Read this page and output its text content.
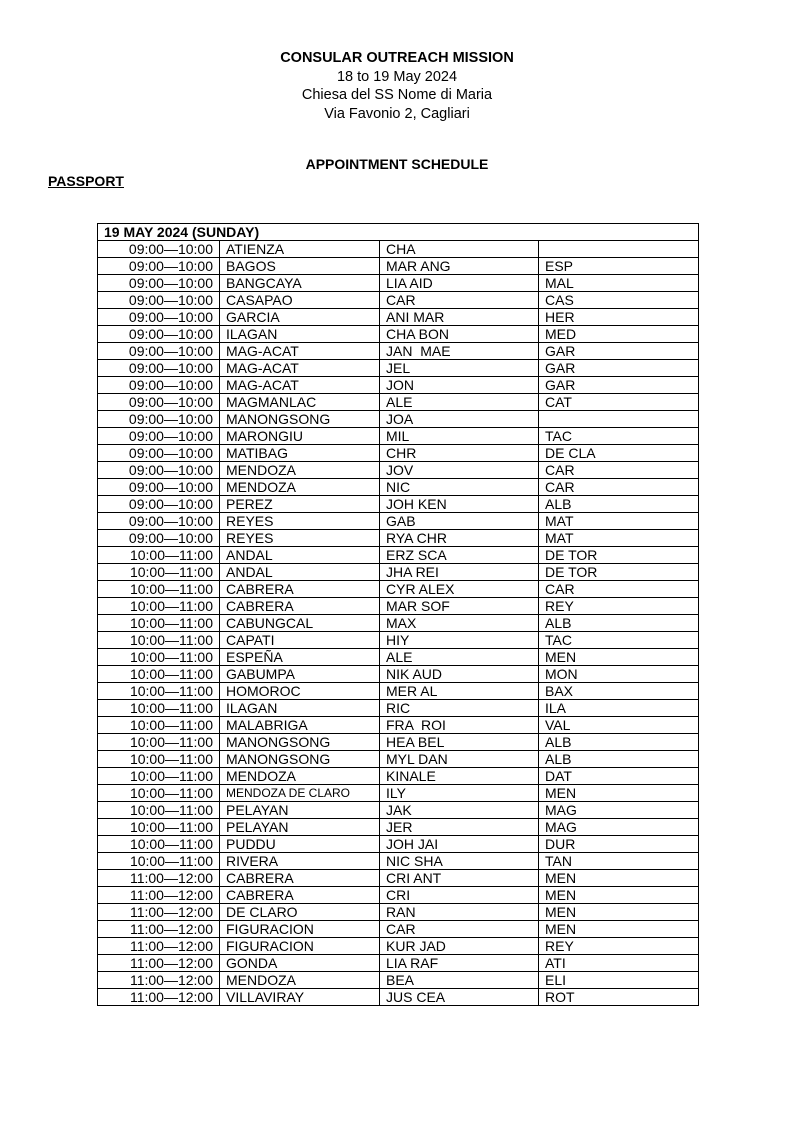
CONSULAR OUTREACH MISSION
18 to 19 May 2024
Chiesa del SS Nome di Maria
Via Favonio 2, Cagliari
APPOINTMENT SCHEDULE
PASSPORT
19 MAY 2024 (SUNDAY)			
09:00—10:00	ATIENZA	CHA	
09:00—10:00	BAGOS	MAR ANG	ESP
09:00—10:00	BANGCAYA	LIA AID	MAL
09:00—10:00	CASAPAO	CAR	CAS
09:00—10:00	GARCIA	ANI MAR	HER
09:00—10:00	ILAGAN	CHA BON	MED
09:00—10:00	MAG-ACAT	JAN  MAE	GAR
09:00—10:00	MAG-ACAT	JEL	GAR
09:00—10:00	MAG-ACAT	JON	GAR
09:00—10:00	MAGMANLAC	ALE	CAT
09:00—10:00	MANONGSONG	JOA	
09:00—10:00	MARONGIU	MIL	TAC
09:00—10:00	MATIBAG	CHR	DE CLA
09:00—10:00	MENDOZA	JOV	CAR
09:00—10:00	MENDOZA	NIC	CAR
09:00—10:00	PEREZ	JOH KEN	ALB
09:00—10:00	REYES	GAB	MAT
09:00—10:00	REYES	RYA CHR	MAT
10:00—11:00	ANDAL	ERZ SCA	DE TOR
10:00—11:00	ANDAL	JHA REI	DE TOR
10:00—11:00	CABRERA	CYR ALEX	CAR
10:00—11:00	CABRERA	MAR SOF	REY
10:00—11:00	CABUNGCAL	MAX	ALB
10:00—11:00	CAPATI	HIY	TAC
10:00—11:00	ESPEÑA	ALE	MEN
10:00—11:00	GABUMPA	NIK AUD	MON
10:00—11:00	HOMOROC	MER AL	BAX
10:00—11:00	ILAGAN	RIC	ILA
10:00—11:00	MALABRIGA	FRA  ROI	VAL
10:00—11:00	MANONGSONG	HEA BEL	ALB
10:00—11:00	MANONGSONG	MYL DAN	ALB
10:00—11:00	MENDOZA	KINALE	DAT
10:00—11:00	MENDOZA DE CLARO	ILY	MEN
10:00—11:00	PELAYAN	JAK	MAG
10:00—11:00	PELAYAN	JER	MAG
10:00—11:00	PUDDU	JOH JAI	DUR
10:00—11:00	RIVERA	NIC SHA	TAN
11:00—12:00	CABRERA	CRI ANT	MEN
11:00—12:00	CABRERA	CRI	MEN
11:00—12:00	DE CLARO	RAN	MEN
11:00—12:00	FIGURACION	CAR	MEN
11:00—12:00	FIGURACION	KUR JAD	REY
11:00—12:00	GONDA	LIA RAF	ATI
11:00—12:00	MENDOZA	BEA	ELI
11:00—12:00	VILLAVIRAY	JUS CEA	ROT
